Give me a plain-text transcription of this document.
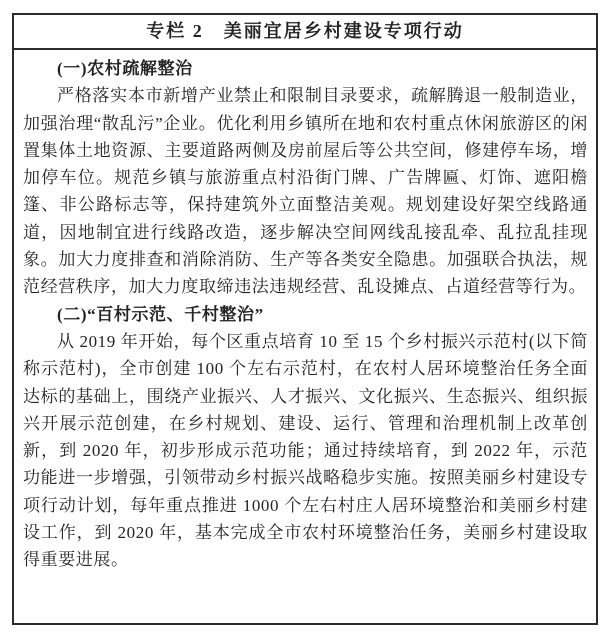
专栏 2　美丽宜居乡村建设专项行动
(一)农村疏解整治

严格落实本市新增产业禁止和限制目录要求，疏解腾退一般制造业，加强治理“散乱污”企业。优化利用乡镇所在地和农村重点休闲旅游区的闲置集体土地资源、主要道路两侧及房前屋后等公共空间，修建停车场，增加停车位。规范乡镇与旅游重点村沿街门牌、广告牌匾、灯饰、遮阳檐篷、非公路标志等，保持建筑外立面整洁美观。规划建设好架空线路通道，因地制宜进行线路改造，逐步解决空间网线乱接乱牵、乱拉乱挂现象。加大力度排查和消除消防、生产等各类安全隐患。加强联合执法，规范经营秩序，加大力度取缔违法违规经营、乱设摊点、占道经营等行为。

(二)“百村示范、千村整治”

从 2019 年开始，每个区重点培育 10 至 15 个乡村振兴示范村(以下简称示范村)，全市创建 100 个左右示范村，在农村人居环境整治任务全面达标的基础上，围绕产业振兴、人才振兴、文化振兴、生态振兴、组织振兴开展示范创建，在乡村规划、建设、运行、管理和治理机制上改革创新，到 2020 年，初步形成示范功能；通过持续培育，到 2022 年，示范功能进一步增强，引领带动乡村振兴战略稳步实施。按照美丽乡村建设专项行动计划，每年重点推进 1000 个左右村庄人居环境整治和美丽乡村建设工作，到 2020 年，基本完成全市农村环境整治任务，美丽乡村建设取得重要进展。
